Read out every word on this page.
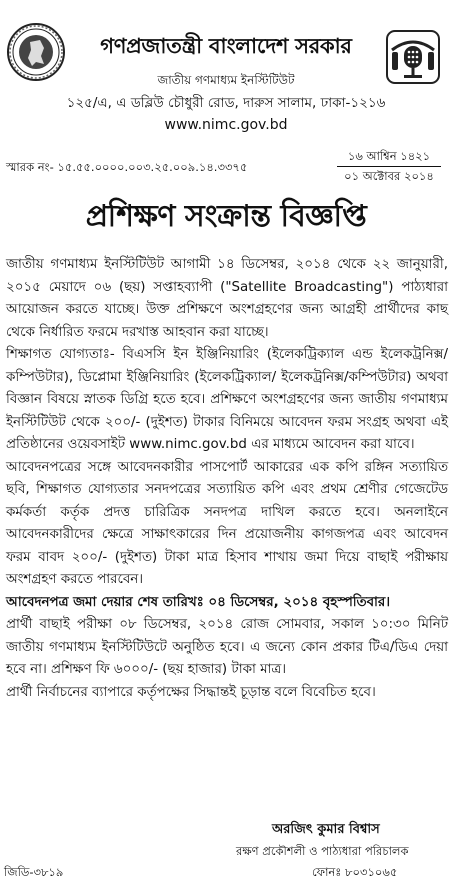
গণপ্রজাতন্ত্রী বাংলাদেশ সরকার
জাতীয় গণমাধ্যম ইনস্টিটিউট
১২৫/এ, এ ডব্লিউ চৌধুরী রোড, দারুস সালাম, ঢাকা-১২১৬
www.nimc.gov.bd
স্মারক নং- ১৫.৫৫.০০০০.০০৩.২৫.০০৯.১৪.৩৩৭৫
১৬ আশ্বিন ১৪২১
০১ অক্টোবর ২০১৪
প্রশিক্ষণ সংক্রান্ত বিজ্ঞপ্তি

জাতীয় গণমাধ্যম ইনস্টিটিউট আগামী ১৪ ডিসেম্বর, ২০১৪ থেকে ২২ জানুয়ারী, ২০১৫ মেয়াদে ০৬ (ছয়) সপ্তাহব্যাপী ("Satellite Broadcasting") পাঠ্যধারা আয়োজন করতে যাচ্ছে। উক্ত প্রশিক্ষণে অংশগ্রহণের জন্য আগ্রহী প্রার্থীদের কাছ থেকে নির্ধারিত ফরমে দরখাস্ত আহবান করা যাচ্ছে।

শিক্ষাগত যোগ্যতাঃ- বিএসসি ইন ইঞ্জিনিয়ারিং (ইলেকট্রিক্যাল এন্ড ইলেকট্রনিক্স/কম্পিউটার), ডিপ্লোমা ইঞ্জিনিয়ারিং (ইলেকট্রিক্যাল/ ইলেকট্রনিক্স/কম্পিউটার) অথবা বিজ্ঞান বিষয়ে স্নাতক ডিগ্রি হতে হবে। প্রশিক্ষণে অংশগ্রহণের জন্য জাতীয় গণমাধ্যম ইনস্টিটিউট থেকে ২০০/- (দুইশত) টাকার বিনিময়ে আবেদন ফরম সংগ্রহ অথবা এই প্রতিষ্ঠানের ওয়েবসাইট www.nimc.gov.bd এর মাধ্যমে আবেদন করা যাবে।

আবেদনপত্রের সঙ্গে আবেদনকারীর পাসপোর্ট আকারের এক কপি রঙ্গিন সত্যায়িত ছবি, শিক্ষাগত যোগ্যতার সনদপত্রের সত্যায়িত কপি এবং প্রথম শ্রেণীর গেজেটেড কর্মকর্তা কর্তৃক প্রদত্ত চারিত্রিক সনদপত্র দাখিল করতে হবে। অনলাইনে আবেদনকারীদের ক্ষেত্রে সাক্ষাৎকারের দিন প্রয়োজনীয় কাগজপত্র এবং আবেদন ফরম বাবদ ২০০/- (দুইশত) টাকা মাত্র হিসাব শাখায় জমা দিয়ে বাছাই পরীক্ষায় অংশগ্রহণ করতে পারবেন।

আবেদনপত্র জমা দেয়ার শেষ তারিখঃ ০৪ ডিসেম্বর, ২০১৪ বৃহস্পতিবার।

প্রার্থী বাছাই পরীক্ষা ০৮ ডিসেম্বর, ২০১৪ রোজ সোমবার, সকাল ১০:৩০ মিনিট জাতীয় গণমাধ্যম ইনস্টিটিউটে অনুষ্ঠিত হবে। এ জন্যে কোন প্রকার টিএ/ডিএ দেয়া হবে না। প্রশিক্ষণ ফি ৬০০০/- (ছয় হাজার) টাকা মাত্র।

প্রার্থী নির্বাচনের ব্যাপারে কর্তৃপক্ষের সিদ্ধান্তই চূড়ান্ত বলে বিবেচিত হবে।

অরজিৎ কুমার বিশ্বাস
রক্ষণ প্রকৌশলী ও পাঠ্যধারা পরিচালক
জিডি-৩৮১৯	ফোনঃ ৮০৩১০৬৫
